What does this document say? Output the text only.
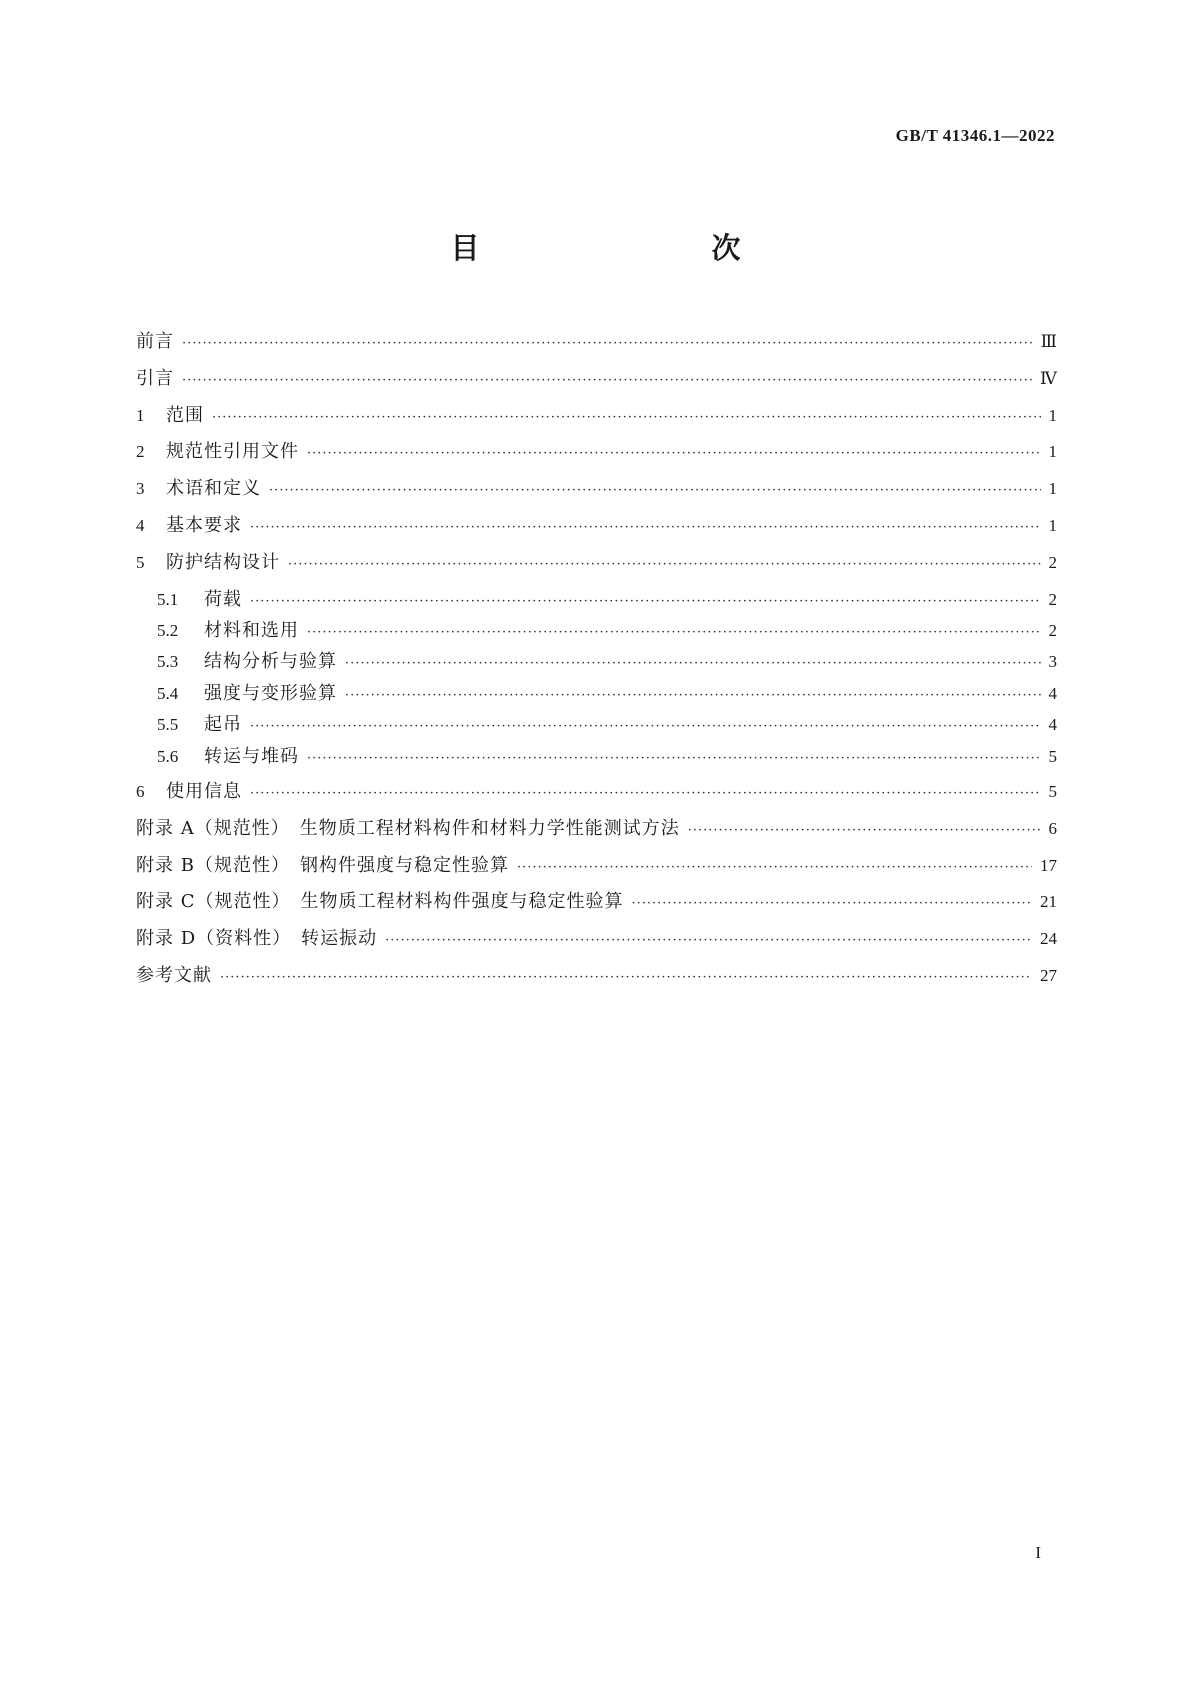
GB/T 41346.1—2022
目　　次
前言 ·····	Ⅲ
引言 ·····	Ⅳ
1	范围 ·····	1
2	规范性引用文件 ·····	1
3	术语和定义 ·····	1
4	基本要求 ·····	1
5	防护结构设计 ·····	2
5.1	荷载 ·····	2
5.2	材料和选用 ·····	2
5.3	结构分析与验算 ·····	3
5.4	强度与变形验算 ·····	4
5.5	起吊 ·····	4
5.6	转运与堆码 ·····	5
6	使用信息 ·····	5
附录 A（规范性）　生物质工程材料构件和材料力学性能测试方法 ·····	6
附录 B（规范性）　钢构件强度与稳定性验算 ·····	17
附录 C（规范性）　生物质工程材料构件强度与稳定性验算 ·····	21
附录 D（资料性）　转运振动 ·····	24
参考文献 ·····	27
I
